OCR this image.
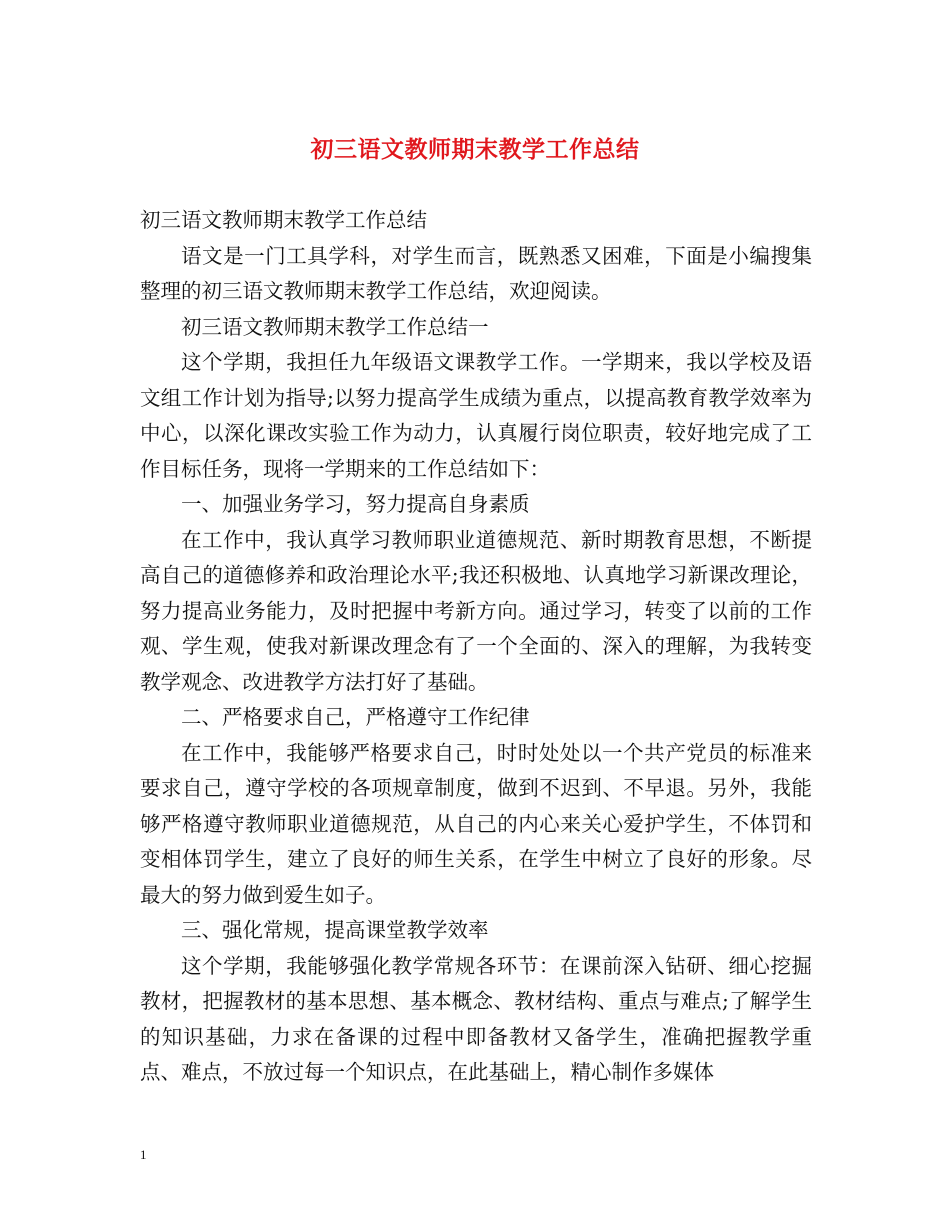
初三语文教师期末教学工作总结

初三语文教师期末教学工作总结

语文是一门工具学科，对学生而言，既熟悉又困难，下面是小编搜集整理的初三语文教师期末教学工作总结，欢迎阅读。

初三语文教师期末教学工作总结一

这个学期，我担任九年级语文课教学工作。一学期来，我以学校及语文组工作计划为指导;以努力提高学生成绩为重点，以提高教育教学效率为中心，以深化课改实验工作为动力，认真履行岗位职责，较好地完成了工作目标任务，现将一学期来的工作总结如下：

一、加强业务学习，努力提高自身素质

在工作中，我认真学习教师职业道德规范、新时期教育思想，不断提高自己的道德修养和政治理论水平;我还积极地、认真地学习新课改理论，努力提高业务能力，及时把握中考新方向。通过学习，转变了以前的工作观、学生观，使我对新课改理念有了一个全面的、深入的理解，为我转变教学观念、改进教学方法打好了基础。

二、严格要求自己，严格遵守工作纪律

在工作中，我能够严格要求自己，时时处处以一个共产党员的标准来要求自己，遵守学校的各项规章制度，做到不迟到、不早退。另外，我能够严格遵守教师职业道德规范，从自己的内心来关心爱护学生，不体罚和变相体罚学生，建立了良好的师生关系，在学生中树立了良好的形象。尽最大的努力做到爱生如子。

三、强化常规，提高课堂教学效率

这个学期，我能够强化教学常规各环节：在课前深入钻研、细心挖掘教材，把握教材的基本思想、基本概念、教材结构、重点与难点;了解学生的知识基础，力求在备课的过程中即备教材又备学生，准确把握教学重点、难点，不放过每一个知识点，在此基础上，精心制作多媒体

1
